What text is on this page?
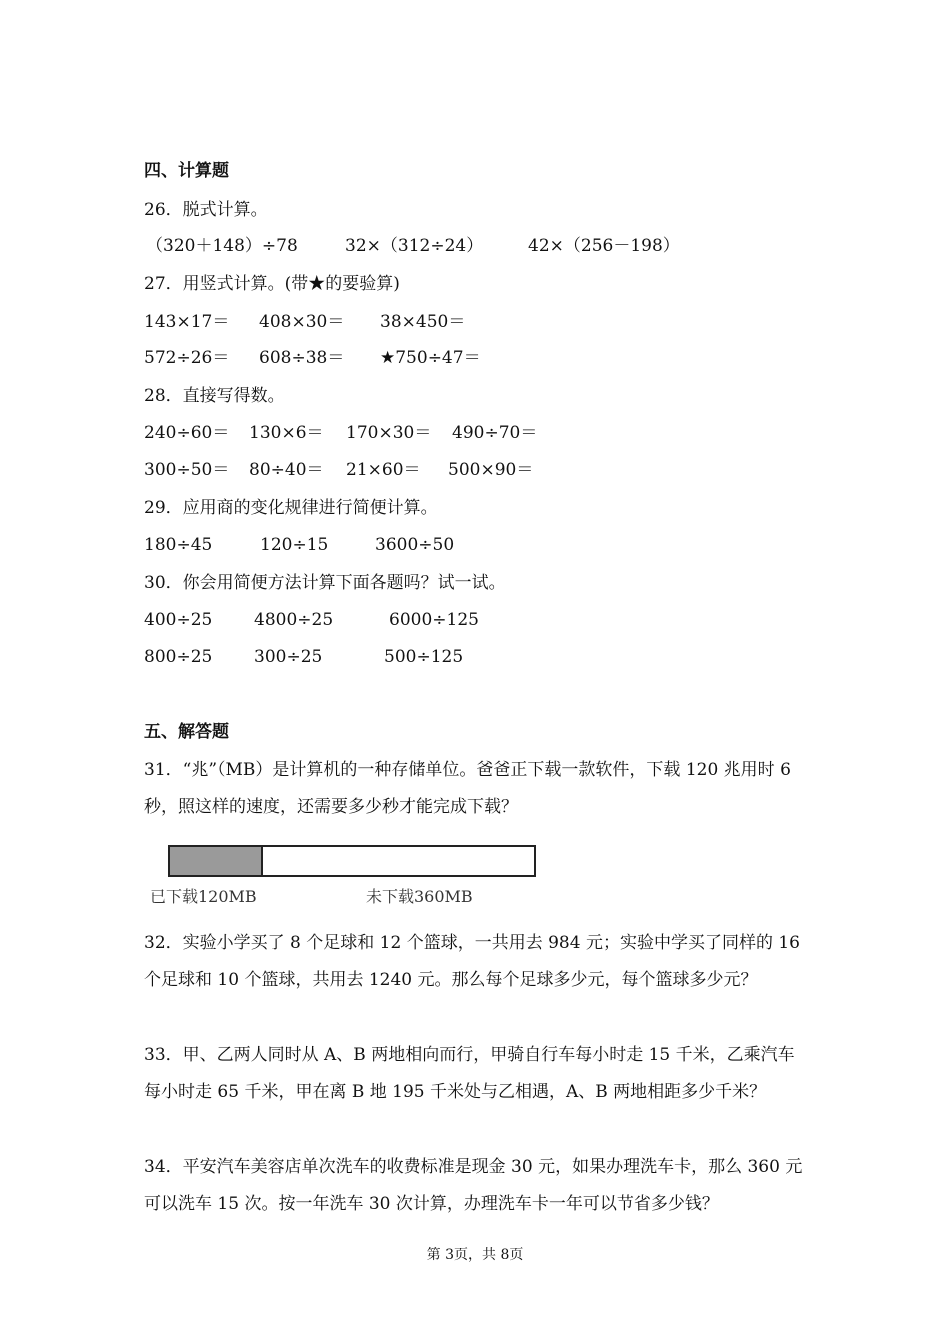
四、计算题
26．脱式计算。
（320＋148）÷78	32×（312÷24）	42×（256－198）
27．用竖式计算。(带★的要验算)
143×17＝ 408×30＝ 38×450＝
572÷26＝ 608÷38＝ ★750÷47＝
28．直接写得数。
240÷60＝ 130×6＝ 170×30＝ 490÷70＝
300÷50＝ 80÷40＝ 21×60＝ 500×90＝
29．应用商的变化规律进行简便计算。
180÷45	120÷15	3600÷50
30．你会用简便方法计算下面各题吗？试一试。
400÷25 4800÷25	6000÷125
800÷25 300÷25	500÷125
五、解答题
31．“兆”（MB）是计算机的一种存储单位。爸爸正下载一款软件，下载 120 兆用时 6 秒，照这样的速度，还需要多少秒才能完成下载？
已下载120MB	未下载360MB
32．实验小学买了 8 个足球和 12 个篮球，一共用去 984 元；实验中学买了同样的 16 个足球和 10 个篮球，共用去 1240 元。那么每个足球多少元，每个篮球多少元？
33．甲、乙两人同时从 A、B 两地相向而行，甲骑自行车每小时走 15 千米，乙乘汽车每小时走 65 千米，甲在离 B 地 195 千米处与乙相遇，A、B 两地相距多少千米？
34．平安汽车美容店单次洗车的收费标准是现金 30 元，如果办理洗车卡，那么 360 元可以洗车 15 次。按一年洗车 30 次计算，办理洗车卡一年可以节省多少钱？
第 3页，共 8页
